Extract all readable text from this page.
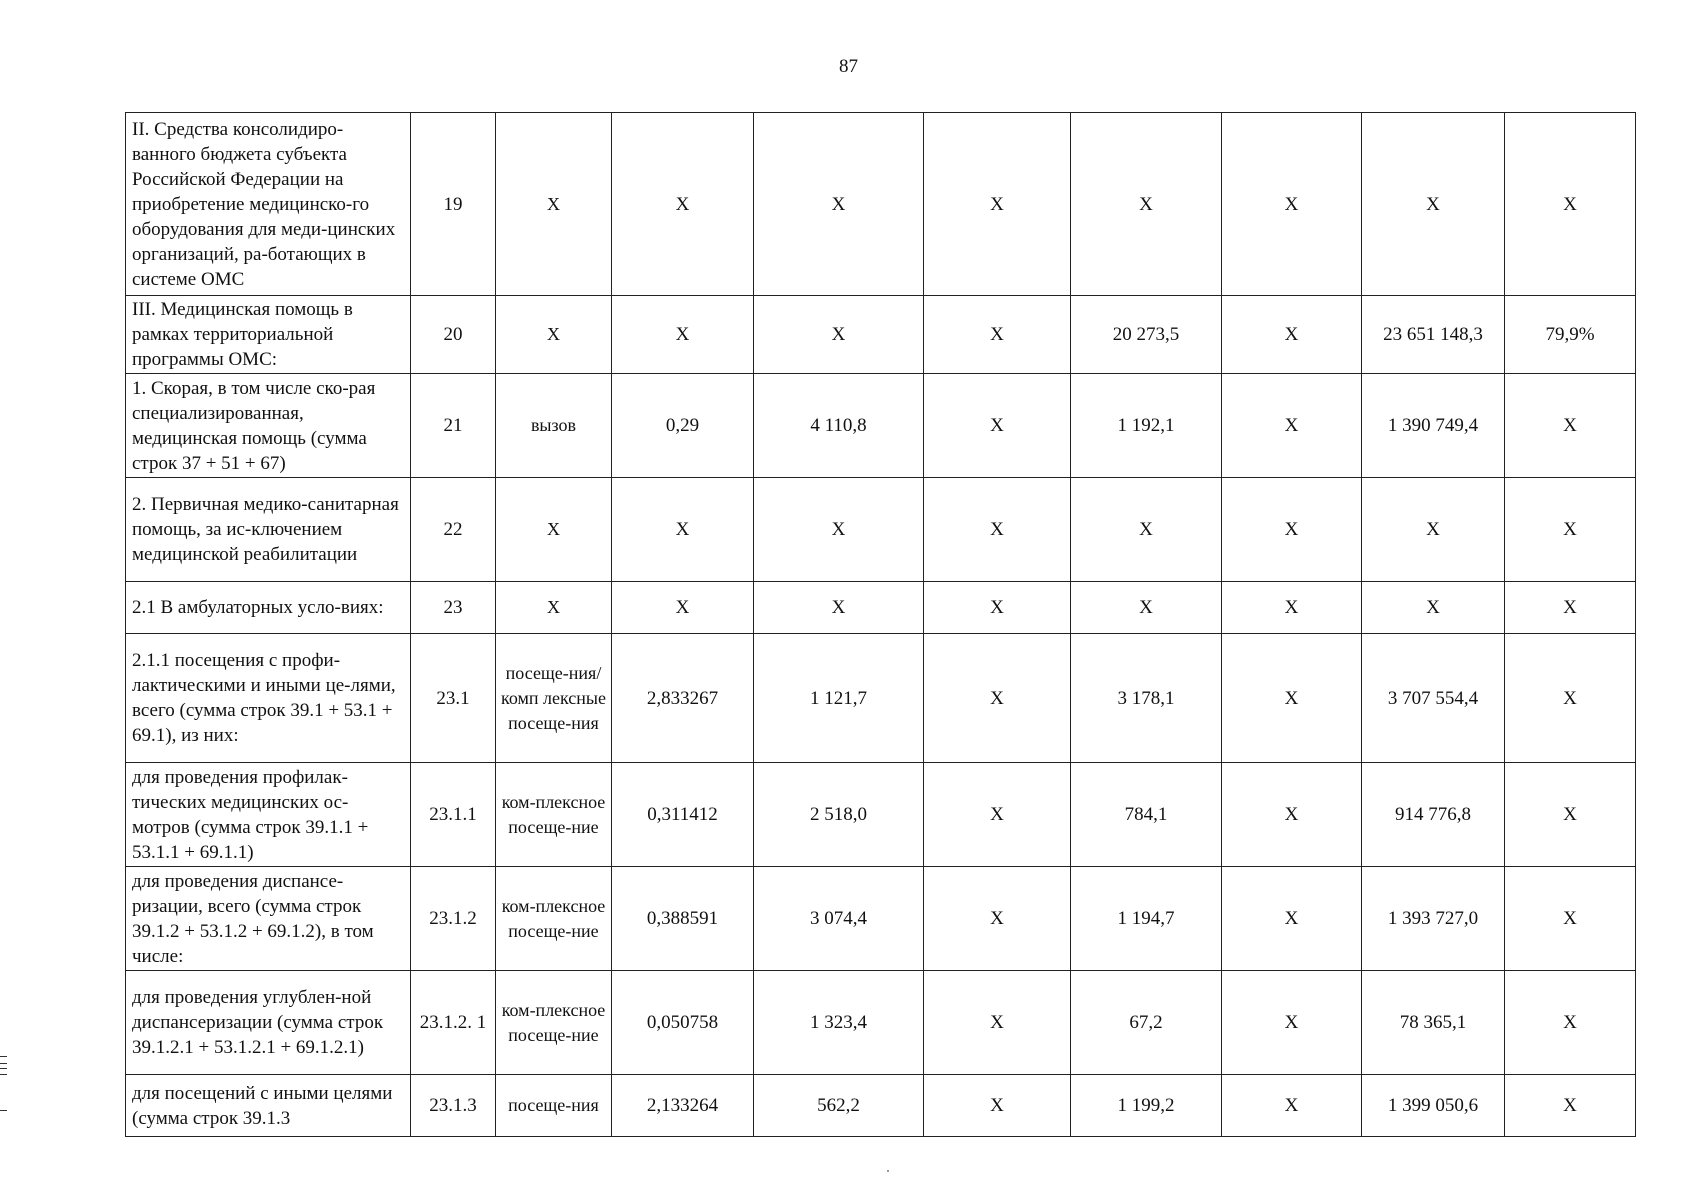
87
II. Средства консолидиро-ванного бюджета субъекта Российской Федерации на приобретение медицинско-го оборудования для меди-цинских организаций, ра-ботающих в системе ОМС	19	X	X	X	X	X	X	X	X
III. Медицинская помощь в рамках территориальной программы ОМС:	20	X	X	X	X	20 273,5	X	23 651 148,3	79,9%
1. Скорая, в том числе ско-рая специализированная, медицинская помощь (сумма строк 37 + 51 + 67)	21	вызов	0,29	4 110,8	X	1 192,1	X	1 390 749,4	X
2. Первичная медико-санитарная помощь, за ис-ключением медицинской реабилитации	22	X	X	X	X	X	X	X	X
2.1 В амбулаторных усло-виях:	23	X	X	X	X	X	X	X	X
2.1.1 посещения с профи-лактическими и иными це-лями, всего (сумма строк 39.1 + 53.1 + 69.1), из них:	23.1	посеще-ния/комп лексные посеще-ния	2,833267	1 121,7	X	3 178,1	X	3 707 554,4	X
для проведения профилак-тических медицинских ос-мотров (сумма строк 39.1.1 + 53.1.1 + 69.1.1)	23.1.1	ком-плексное посеще-ние	0,311412	2 518,0	X	784,1	X	914 776,8	X
для проведения диспансе-ризации, всего (сумма строк 39.1.2 + 53.1.2 + 69.1.2), в том числе:	23.1.2	ком-плексное посеще-ние	0,388591	3 074,4	X	1 194,7	X	1 393 727,0	X
для проведения углублен-ной диспансеризации (сумма строк 39.1.2.1 + 53.1.2.1 + 69.1.2.1)	23.1.2. 1	ком-плексное посеще-ние	0,050758	1 323,4	X	67,2	X	78 365,1	X
для посещений с иными целями (сумма строк 39.1.3	23.1.3	посеще-ния	2,133264	562,2	X	1 199,2	X	1 399 050,6	X
